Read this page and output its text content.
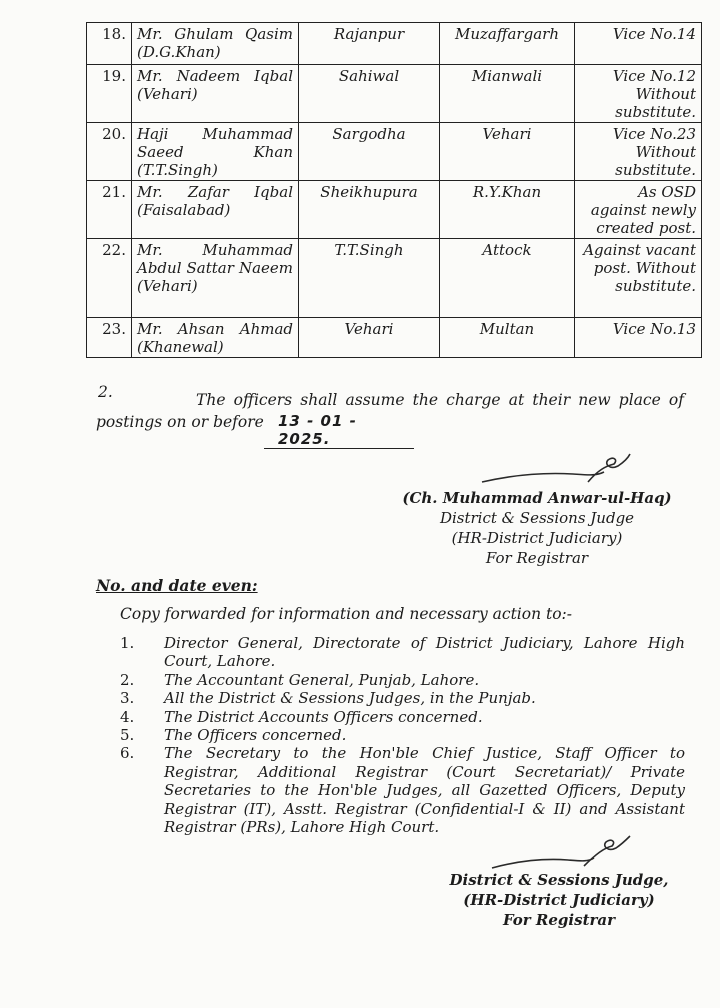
18.	Mr. Ghulam Qasim (D.G.Khan)	Rajanpur	Muzaffargarh	Vice No.14
19.	Mr. Nadeem Iqbal (Vehari)	Sahiwal	Mianwali	Vice No.12 Without substitute.
20.	Haji Muhammad Saeed Khan (T.T.Singh)	Sargodha	Vehari	Vice No.23 Without substitute.
21.	Mr. Zafar Iqbal (Faisalabad)	Sheikhupura	R.Y.Khan	As OSD against newly created post.
22.	Mr. Muhammad Abdul Sattar Naeem (Vehari)	T.T.Singh	Attock	Against vacant post. Without substitute.
23.	Mr. Ahsan Ahmad (Khanewal)	Vehari	Multan	Vice No.13
2.	The officers shall assume the charge at their new place of
postings on or before 13 - 01 - 2025.
(Ch. Muhammad Anwar-ul-Haq)
District & Sessions Judge
(HR-District Judiciary)
For Registrar
No. and date even:
Copy forwarded for information and necessary action to:-
1.	Director General, Directorate of District Judiciary, Lahore High Court, Lahore.
2.	The Accountant General, Punjab, Lahore.
3.	All the District & Sessions Judges, in the Punjab.
4.	The District Accounts Officers concerned.
5.	The Officers concerned.
6.	The Secretary to the Hon'ble Chief Justice, Staff Officer to Registrar, Additional Registrar (Court Secretariat)/ Private Secretaries to the Hon'ble Judges, all Gazetted Officers, Deputy Registrar (IT), Asstt. Registrar (Confidential-I & II) and Assistant Registrar (PRs), Lahore High Court.
District & Sessions Judge,
(HR-District Judiciary)
For Registrar
